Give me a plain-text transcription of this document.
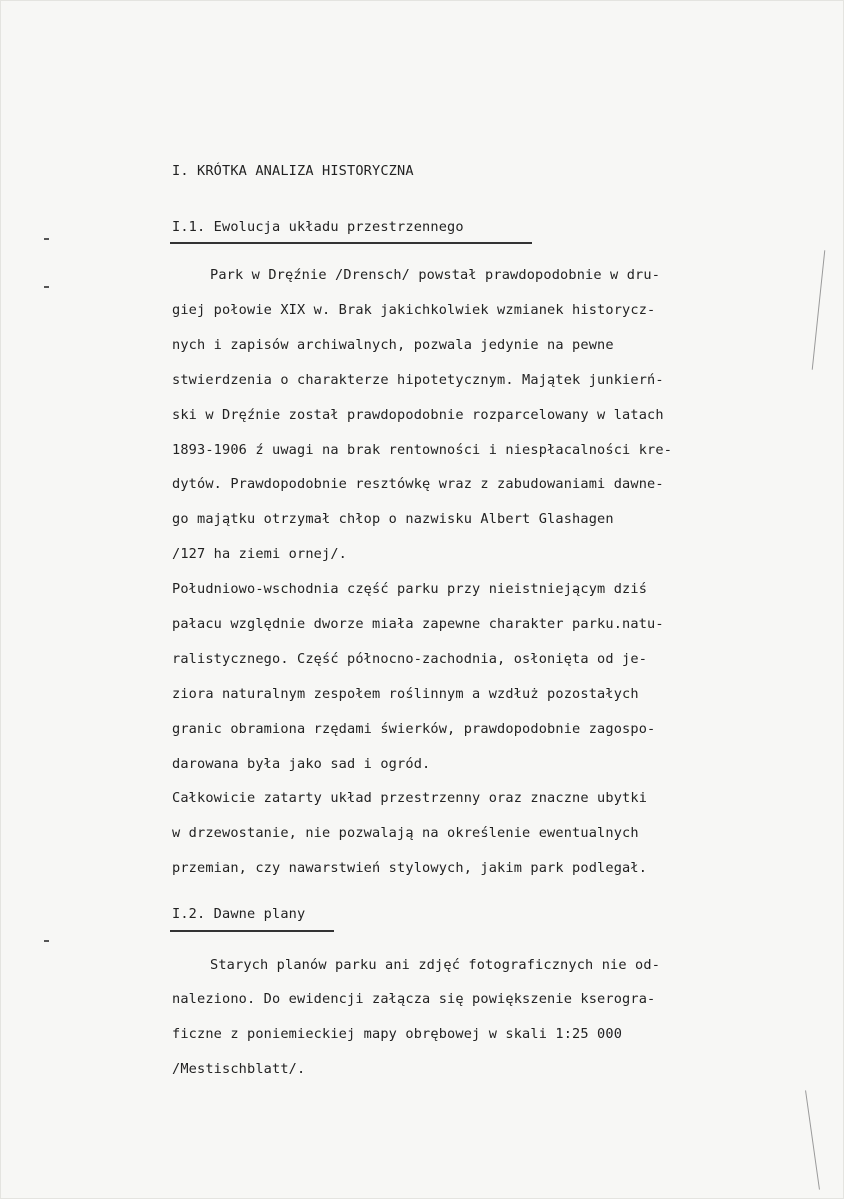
I. KRÓTKA ANALIZA HISTORYCZNA
I.1. Ewolucja układu przestrzennego
Park w Dręźnie /Drensch/ powstał prawdopodobnie w dru-
giej połowie XIX w. Brak jakichkolwiek wzmianek historycz-
nych i zapisów archiwalnych, pozwala jedynie na pewne
stwierdzenia o charakterze hipotetycznym. Majątek junkierń-
ski w Dręźnie został prawdopodobnie rozparcelowany w latach
1893-1906 ź uwagi na brak rentowności i niespłacalności kre-
dytów. Prawdopodobnie resztówkę wraz z zabudowaniami dawne-
go majątku otrzymał chłop o nazwisku Albert Glashagen
/127 ha ziemi ornej/.
Południowo-wschodnia część parku przy nieistniejącym dziś
pałacu względnie dworze miała zapewne charakter parku.natu-
ralistycznego. Część północno-zachodnia, osłonięta od je-
ziora naturalnym zespołem roślinnym a wzdłuż pozostałych
granic obramiona rzędami świerków, prawdopodobnie zagospo-
darowana była jako sad i ogród.
Całkowicie zatarty układ przestrzenny oraz znaczne ubytki
w drzewostanie, nie pozwalają na określenie ewentualnych
przemian, czy nawarstwień stylowych, jakim park podlegał.
I.2. Dawne plany
Starych planów parku ani zdjęć fotograficznych nie od-
naleziono. Do ewidencji załącza się powiększenie kserogra-
ficzne z poniemieckiej mapy obrębowej w skali 1:25 000
/Mestischblatt/.
